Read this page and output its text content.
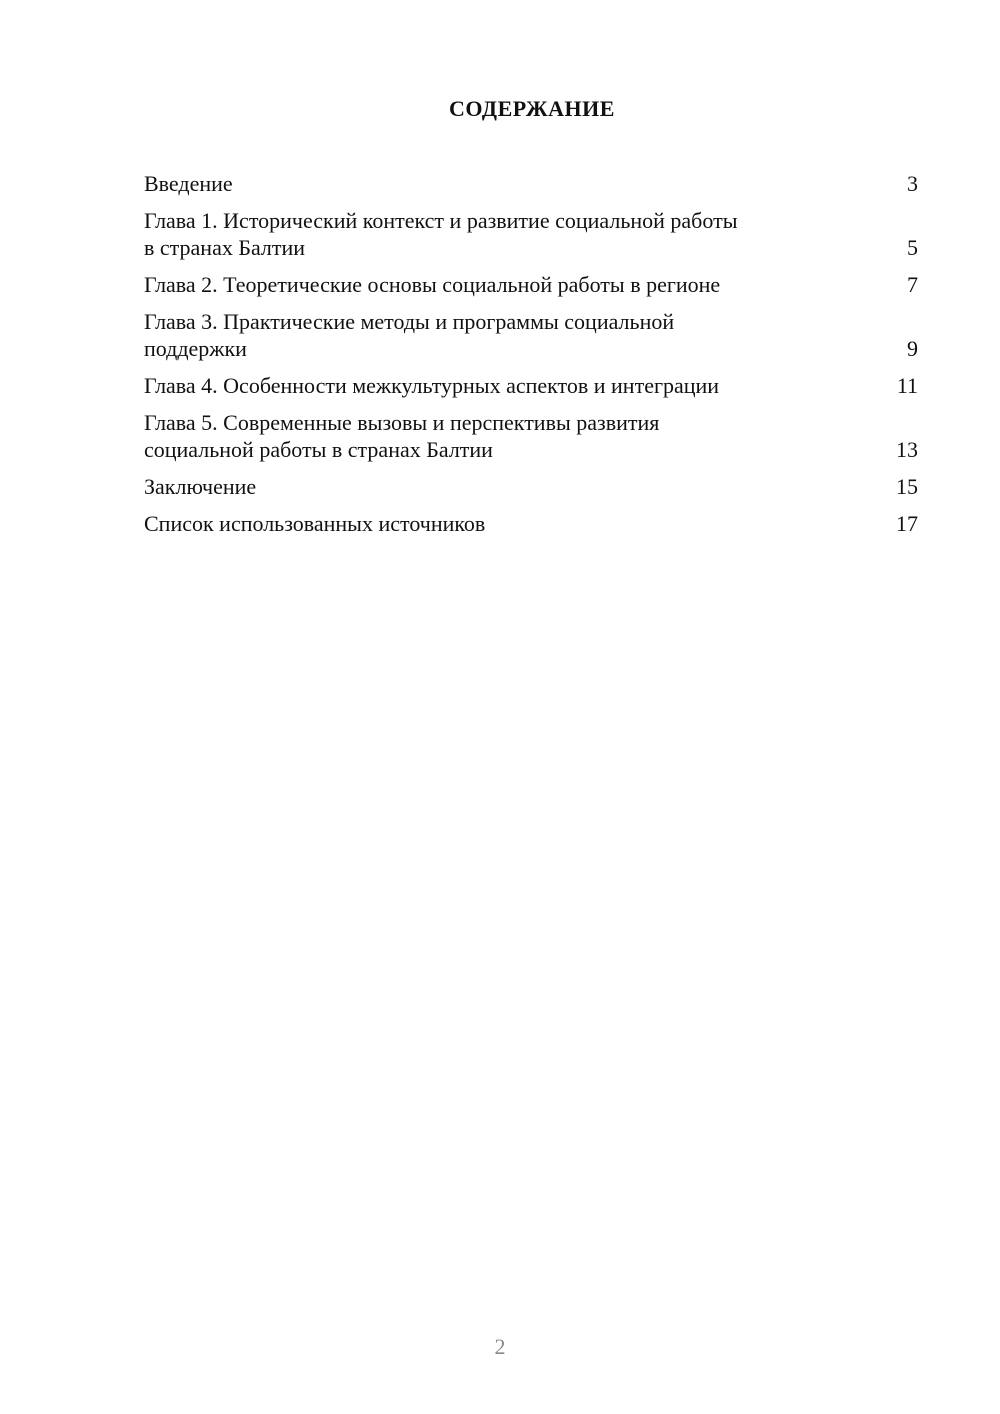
СОДЕРЖАНИЕ
Введение	3
Глава 1. Исторический контекст и развитие социальной работы
в странах Балтии	5
Глава 2. Теоретические основы социальной работы в регионе	7
Глава 3. Практические методы и программы социальной
поддержки	9
Глава 4. Особенности межкультурных аспектов и интеграции	11
Глава 5. Современные вызовы и перспективы развития
социальной работы в странах Балтии	13
Заключение	15
Список использованных источников	17
2
